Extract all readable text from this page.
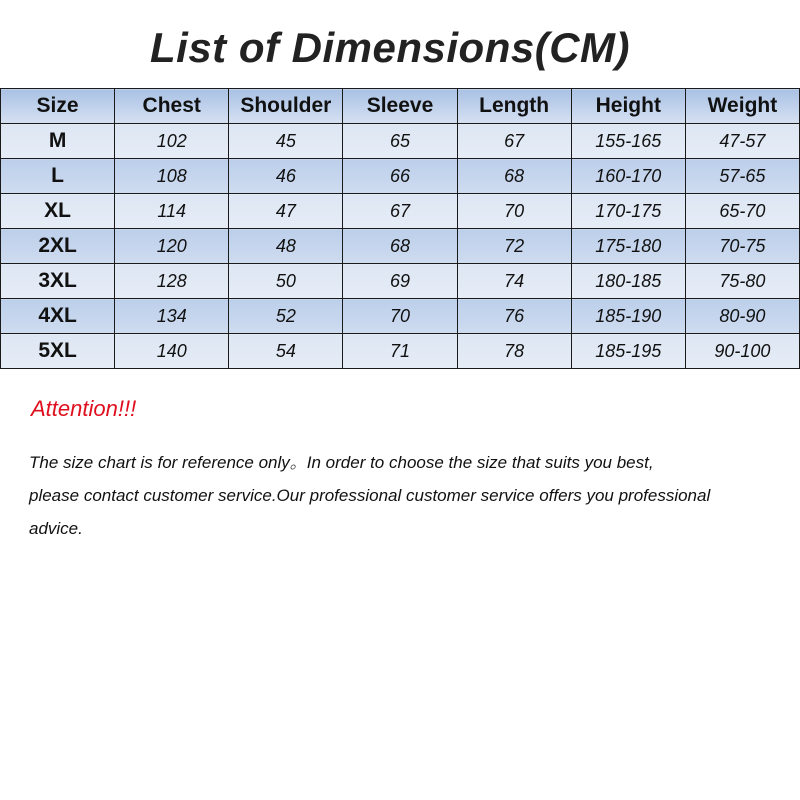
List of Dimensions(CM)
Size	Chest	Shoulder	Sleeve	Length	Height	Weight
M	102	45	65	67	155-165	47-57
L	108	46	66	68	160-170	57-65
XL	114	47	67	70	170-175	65-70
2XL	120	48	68	72	175-180	70-75
3XL	128	50	69	74	180-185	75-80
4XL	134	52	70	76	185-190	80-90
5XL	140	54	71	78	185-195	90-100

Attention!!!

The size chart is for reference only。In order to choose the size that suits you best,
please contact customer service.Our professional customer service offers you professional
advice.
